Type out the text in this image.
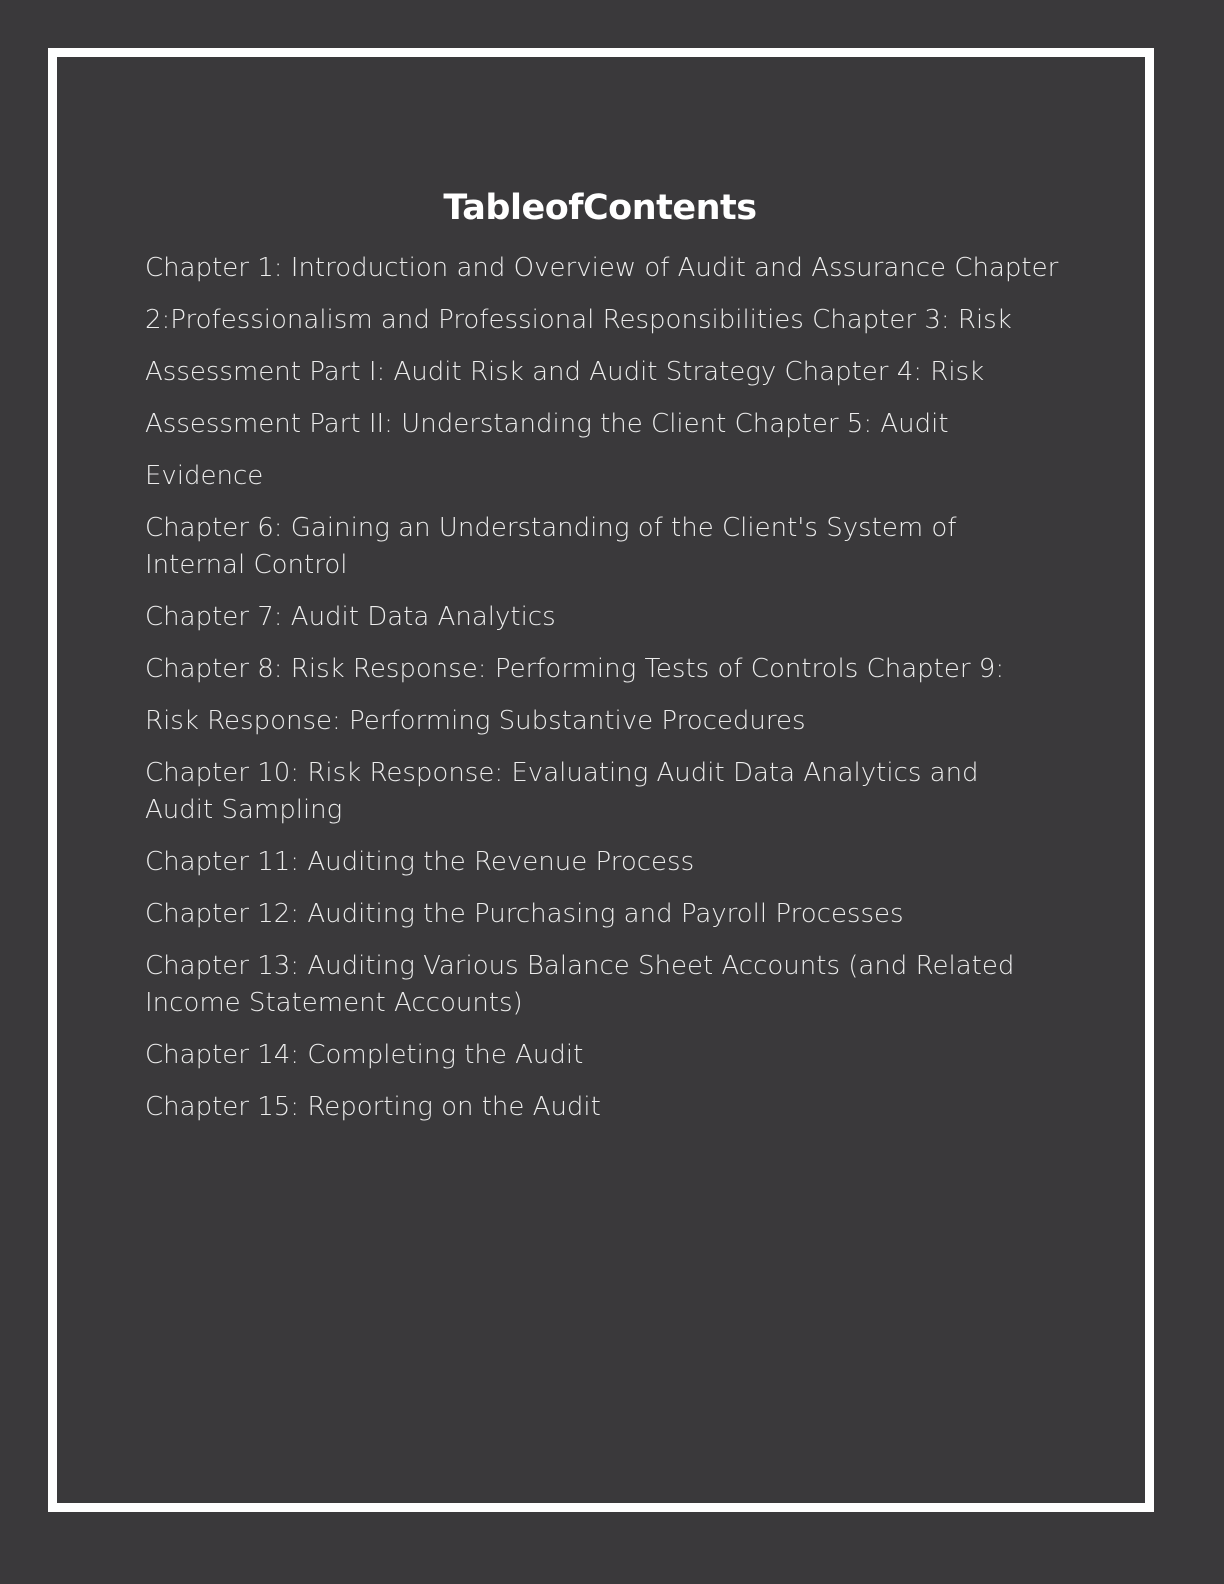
TableofContents
Chapter 1: Introduction and Overview of Audit and Assurance Chapter
2:Professionalism and Professional Responsibilities Chapter 3: Risk
Assessment Part I: Audit Risk and Audit Strategy Chapter 4: Risk
Assessment Part II: Understanding the Client Chapter 5: Audit
Evidence
Chapter 6: Gaining an Understanding of the Client's System of Internal Control
Chapter 7: Audit Data Analytics
Chapter 8: Risk Response: Performing Tests of Controls Chapter 9:
Risk Response: Performing Substantive Procedures
Chapter 10: Risk Response: Evaluating Audit Data Analytics and Audit Sampling
Chapter 11: Auditing the Revenue Process
Chapter 12: Auditing the Purchasing and Payroll Processes
Chapter 13: Auditing Various Balance Sheet Accounts (and Related Income Statement Accounts)
Chapter 14: Completing the Audit
Chapter 15: Reporting on the Audit
